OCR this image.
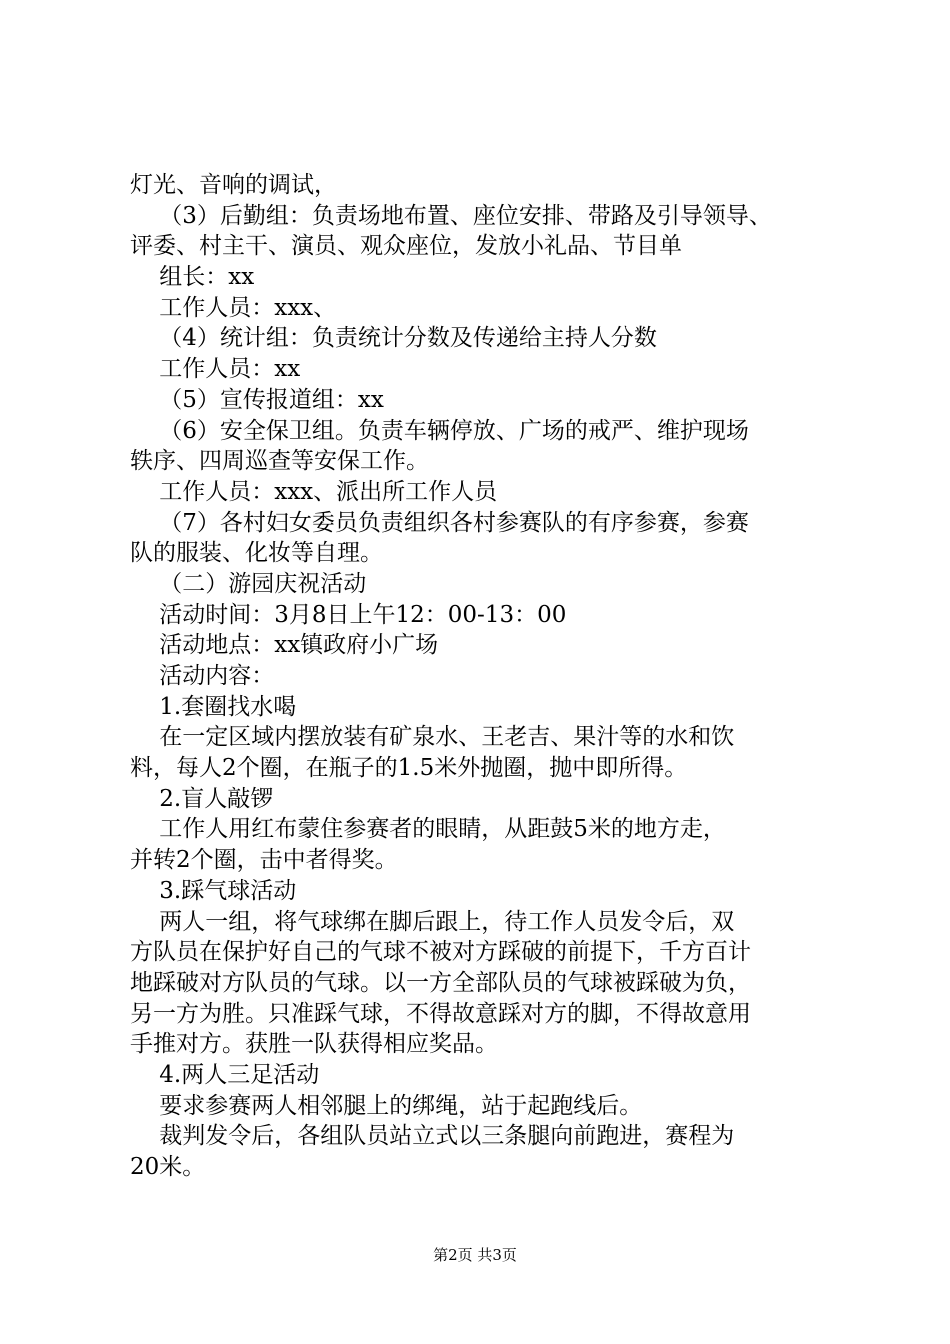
灯光、音响的调试，
（3）后勤组：负责场地布置、座位安排、带路及引导领导、
评委、村主干、演员、观众座位，发放小礼品、节目单
组长：xx
工作人员：xxx、
（4）统计组：负责统计分数及传递给主持人分数
工作人员：xx
（5）宣传报道组：xx
（6）安全保卫组。负责车辆停放、广场的戒严、维护现场
轶序、四周巡查等安保工作。
工作人员：xxx、派出所工作人员
（7）各村妇女委员负责组织各村参赛队的有序参赛，参赛
队的服装、化妆等自理。
（二）游园庆祝活动
活动时间：3月8日上午12：00-13：00
活动地点：xx镇政府小广场
活动内容：
1.套圈找水喝
在一定区域内摆放装有矿泉水、王老吉、果汁等的水和饮
料，每人2个圈，在瓶子的1.5米外抛圈，抛中即所得。
2.盲人敲锣
工作人用红布蒙住参赛者的眼睛，从距鼓5米的地方走，
并转2个圈，击中者得奖。
3.踩气球活动
两人一组，将气球绑在脚后跟上，待工作人员发令后，双
方队员在保护好自己的气球不被对方踩破的前提下，千方百计
地踩破对方队员的气球。以一方全部队员的气球被踩破为负，
另一方为胜。只准踩气球，不得故意踩对方的脚，不得故意用
手推对方。获胜一队获得相应奖品。
4.两人三足活动
要求参赛两人相邻腿上的绑绳，站于起跑线后。
裁判发令后，各组队员站立式以三条腿向前跑进，赛程为
20米。
第2页 共3页
